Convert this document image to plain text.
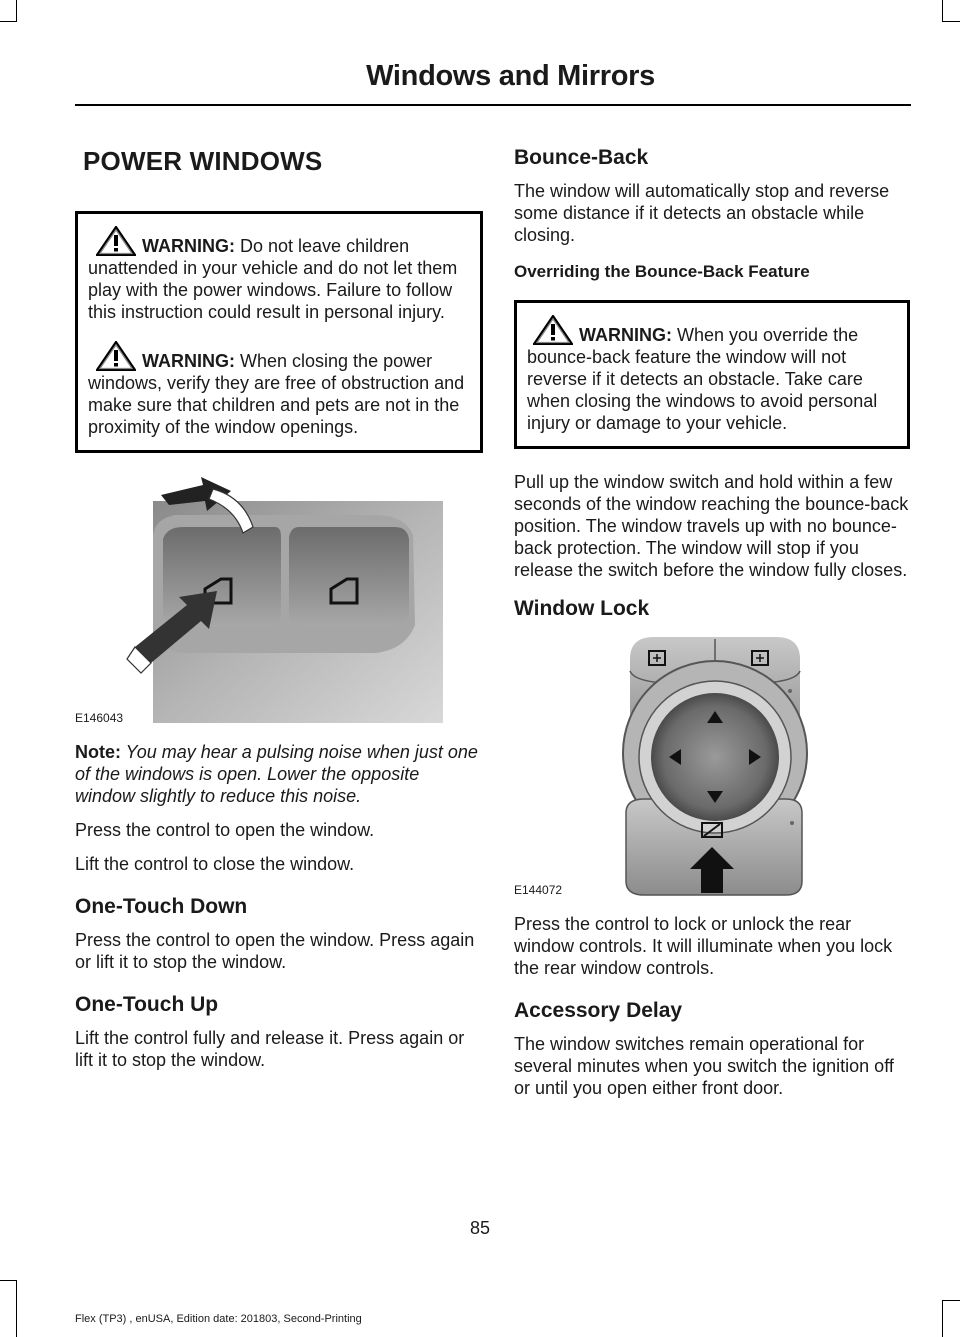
Windows and Mirrors
POWER WINDOWS

WARNING: Do not leave children unattended in your vehicle and do not let them play with the power windows. Failure to follow this instruction could result in personal injury.

WARNING: When closing the power windows, verify they are free of obstruction and make sure that children and pets are not in the proximity of the window openings.

E146043

Note: You may hear a pulsing noise when just one of the windows is open. Lower the opposite window slightly to reduce this noise.

Press the control to open the window.

Lift the control to close the window.

One-Touch Down

Press the control to open the window. Press again or lift it to stop the window.

One-Touch Up

Lift the control fully and release it. Press again or lift it to stop the window.

Bounce-Back

The window will automatically stop and reverse some distance if it detects an obstacle while closing.

Overriding the Bounce-Back Feature

WARNING: When you override the bounce-back feature the window will not reverse if it detects an obstacle. Take care when closing the windows to avoid personal injury or damage to your vehicle.

Pull up the window switch and hold within a few seconds of the window reaching the bounce-back position. The window travels up with no bounce-back protection. The window will stop if you release the switch before the window fully closes.

Window Lock
E144072

Press the control to lock or unlock the rear window controls. It will illuminate when you lock the rear window controls.

Accessory Delay

The window switches remain operational for several minutes when you switch the ignition off or until you open either front door.

85
Flex (TP3) , enUSA, Edition date: 201803, Second-Printing
